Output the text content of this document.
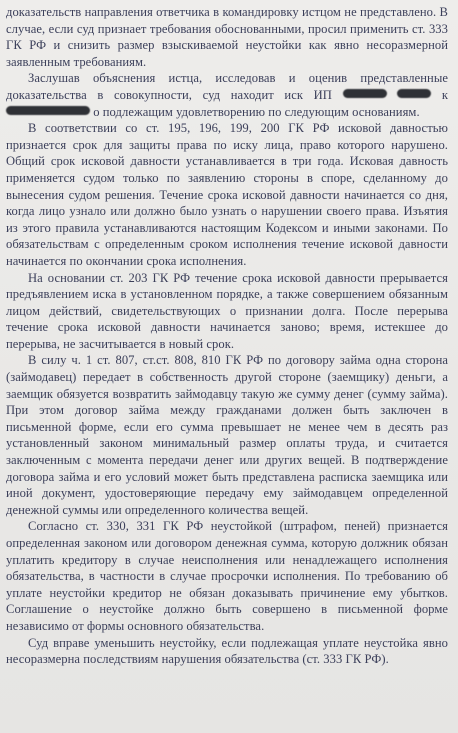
доказательств направления ответчика в командировку истцом не представлено. В случае, если суд признает требования обоснованными, просил применить ст. 333 ГК РФ и снизить размер взыскиваемой неустойки как явно несоразмерной заявленным требованиям.

Заслушав объяснения истца, исследовав и оценив представленные доказательства в совокупности, суд находит иск ИП	к  о подлежащим удовлетворению по следующим основаниям.

В соответствии со ст. 195, 196, 199, 200 ГК РФ исковой давностью признается срок для защиты права по иску лица, право которого нарушено. Общий срок исковой давности устанавливается в три года. Исковая давность применяется судом только по заявлению стороны в споре, сделанному до вынесения судом решения. Течение срока исковой давности начинается со дня, когда лицо узнало или должно было узнать о нарушении своего права. Изъятия из этого правила устанавливаются настоящим Кодексом и иными законами. По обязательствам с определенным сроком исполнения течение исковой давности начинается по окончании срока исполнения.

На основании ст. 203 ГК РФ течение срока исковой давности прерывается предъявлением иска в установленном порядке, а также совершением обязанным лицом действий, свидетельствующих о признании долга. После перерыва течение срока исковой давности начинается заново; время, истекшее до перерыва, не засчитывается в новый срок.

В силу ч. 1 ст. 807, ст.ст. 808, 810 ГК РФ по договору займа одна сторона (займодавец) передает в собственность другой стороне (заемщику) деньги, а заемщик обязуется возвратить займодавцу такую же сумму денег (сумму займа). При этом договор займа между гражданами должен быть заключен в письменной форме, если его сумма превышает не менее чем в десять раз установленный законом минимальный размер оплаты труда, и считается заключенным с момента передачи денег или других вещей. В подтверждение договора займа и его условий может быть представлена расписка заемщика или иной документ, удостоверяющие передачу ему займодавцем определенной денежной суммы или определенного количества вещей.

Согласно ст. 330, 331 ГК РФ неустойкой (штрафом, пеней) признается определенная законом или договором денежная сумма, которую должник обязан уплатить кредитору в случае неисполнения или ненадлежащего исполнения обязательства, в частности в случае просрочки исполнения. По требованию об уплате неустойки кредитор не обязан доказывать причинение ему убытков. Соглашение о неустойке должно быть совершено в письменной форме независимо от формы основного обязательства.

Суд вправе уменьшить неустойку, если подлежащая уплате неустойка явно несоразмерна последствиям нарушения обязательства (ст. 333 ГК РФ).
